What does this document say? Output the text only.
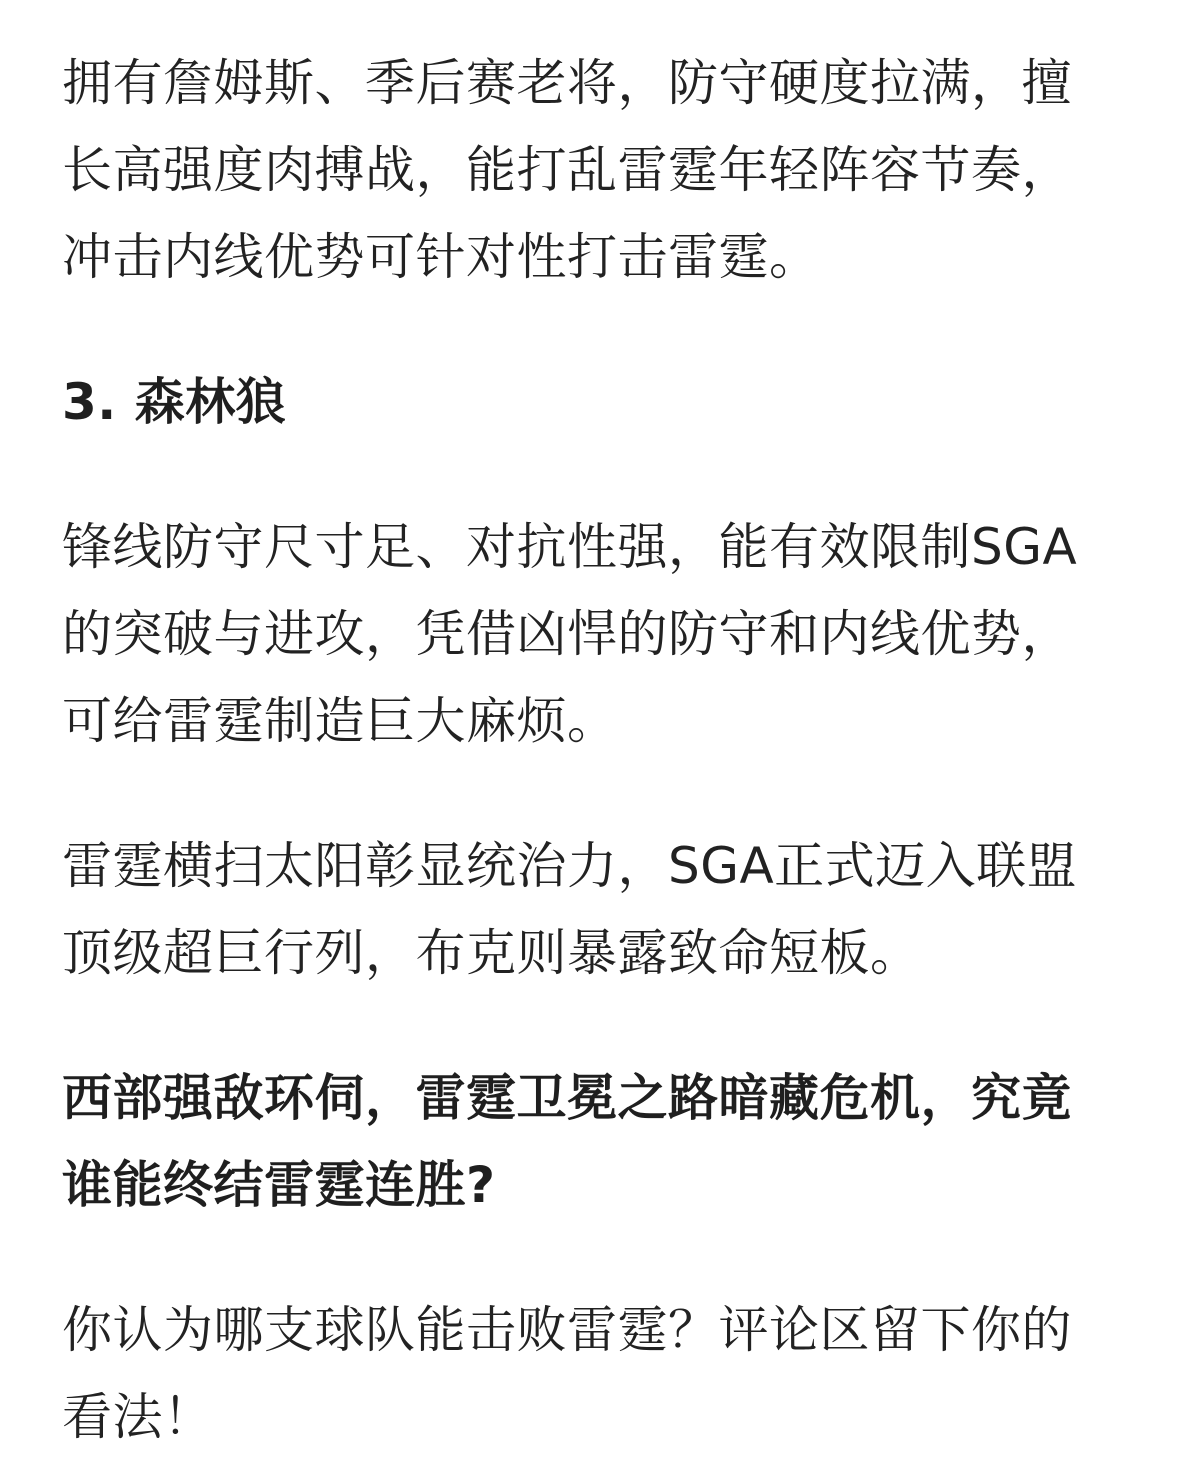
拥有詹姆斯、季后赛老将，防守硬度拉满，擅长高强度肉搏战，能打乱雷霆年轻阵容节奏，冲击内线优势可针对性打击雷霆。

3. 森林狼

锋线防守尺寸足、对抗性强，能有效限制SGA的突破与进攻，凭借凶悍的防守和内线优势，可给雷霆制造巨大麻烦。

雷霆横扫太阳彰显统治力，SGA正式迈入联盟顶级超巨行列，布克则暴露致命短板。

西部强敌环伺，雷霆卫冕之路暗藏危机，究竟谁能终结雷霆连胜?

你认为哪支球队能击败雷霆？评论区留下你的看法！
